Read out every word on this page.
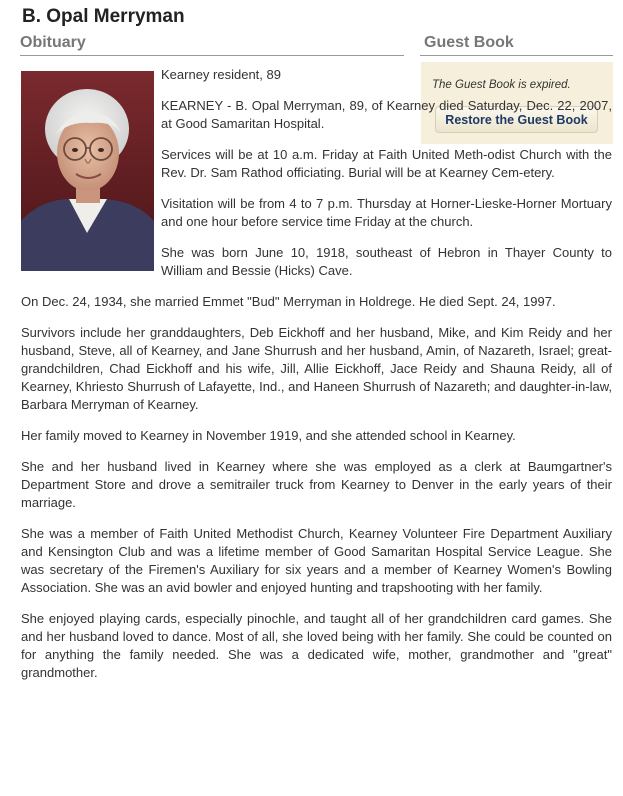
B. Opal Merryman
Obituary	Guest Book

The Guest Book is expired.

Restore the Guest Book

Kearney resident, 89

KEARNEY - B. Opal Merryman, 89, of Kearney died Saturday, Dec. 22, 2007, at Good Samaritan Hospital.

Services will be at 10 a.m. Friday at Faith United Meth-odist Church with the Rev. Dr. Sam Rathod officiating. Burial will be at Kearney Cem-etery.

Visitation will be from 4 to 7 p.m. Thursday at Horner-Lieske-Horner Mortuary and one hour before service time Friday at the church.

She was born June 10, 1918, southeast of Hebron in Thayer County to William and Bessie (Hicks) Cave.

On Dec. 24, 1934, she married Emmet "Bud" Merryman in Holdrege. He died Sept. 24, 1997.

Survivors include her granddaughters, Deb Eickhoff and her husband, Mike, and Kim Reidy and her husband, Steve, all of Kearney, and Jane Shurrush and her husband, Amin, of Nazareth, Israel; great-grandchildren, Chad Eickhoff and his wife, Jill, Allie Eickhoff, Jace Reidy and Shauna Reidy, all of Kearney, Khriesto Shurrush of Lafayette, Ind., and Haneen Shurrush of Nazareth; and daughter-in-law, Barbara Merryman of Kearney.

Her family moved to Kearney in November 1919, and she attended school in Kearney.

She and her husband lived in Kearney where she was employed as a clerk at Baumgartner's Department Store and drove a semitrailer truck from Kearney to Denver in the early years of their marriage.

She was a member of Faith United Methodist Church, Kearney Volunteer Fire Department Auxiliary and Kensington Club and was a lifetime member of Good Samaritan Hospital Service League. She was secretary of the Firemen's Auxiliary for six years and a member of Kearney Women's Bowling Association. She was an avid bowler and enjoyed hunting and trapshooting with her family.

She enjoyed playing cards, especially pinochle, and taught all of her grandchildren card games. She and her husband loved to dance. Most of all, she loved being with her family. She could be counted on for anything the family needed. She was a dedicated wife, mother, grandmother and "great" grandmother.
